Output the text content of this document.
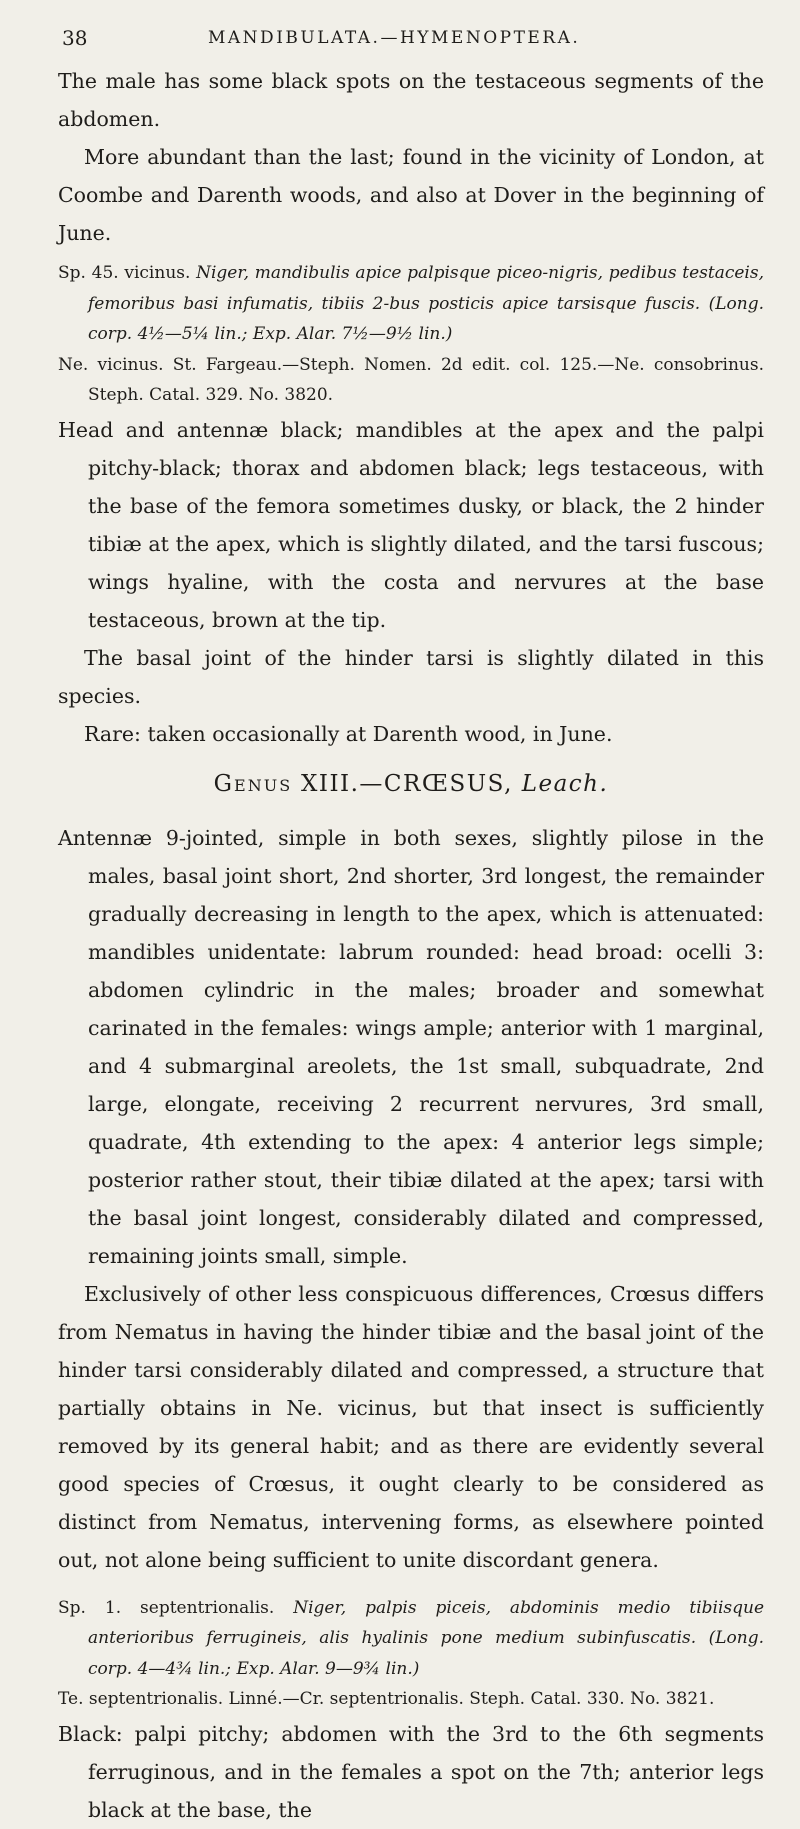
38	MANDIBULATA.—HYMENOPTERA.

The male has some black spots on the testaceous segments of the abdomen.

More abundant than the last; found in the vicinity of London, at Coombe and Darenth woods, and also at Dover in the beginning of June.

Sp. 45. vicinus. Niger, mandibulis apice palpisque piceo-nigris, pedibus testaceis, femoribus basi infumatis, tibiis 2-bus posticis apice tarsisque fuscis. (Long. corp. 4½—5¼ lin.; Exp. Alar. 7½—9½ lin.)

Ne. vicinus. St. Fargeau.—Steph. Nomen. 2d edit. col. 125.—Ne. consobrinus. Steph. Catal. 329. No. 3820.

Head and antennæ black; mandibles at the apex and the palpi pitchy-black; thorax and abdomen black; legs testaceous, with the base of the femora sometimes dusky, or black, the 2 hinder tibiæ at the apex, which is slightly dilated, and the tarsi fuscous; wings hyaline, with the costa and nervures at the base testaceous, brown at the tip.

The basal joint of the hinder tarsi is slightly dilated in this species.

Rare: taken occasionally at Darenth wood, in June.

Genus XIII.—CRŒSUS, Leach.

Antennæ 9-jointed, simple in both sexes, slightly pilose in the males, basal joint short, 2nd shorter, 3rd longest, the remainder gradually decreasing in length to the apex, which is attenuated: mandibles unidentate: labrum rounded: head broad: ocelli 3: abdomen cylindric in the males; broader and somewhat carinated in the females: wings ample; anterior with 1 marginal, and 4 submarginal areolets, the 1st small, subquadrate, 2nd large, elongate, receiving 2 recurrent nervures, 3rd small, quadrate, 4th extending to the apex: 4 anterior legs simple; posterior rather stout, their tibiæ dilated at the apex; tarsi with the basal joint longest, considerably dilated and compressed, remaining joints small, simple.

Exclusively of other less conspicuous differences, Crœsus differs from Nematus in having the hinder tibiæ and the basal joint of the hinder tarsi considerably dilated and compressed, a structure that partially obtains in Ne. vicinus, but that insect is sufficiently removed by its general habit; and as there are evidently several good species of Crœsus, it ought clearly to be considered as distinct from Nematus, intervening forms, as elsewhere pointed out, not alone being sufficient to unite discordant genera.

Sp. 1. septentrionalis. Niger, palpis piceis, abdominis medio tibiisque anterioribus ferrugineis, alis hyalinis pone medium subinfuscatis. (Long. corp. 4—4¾ lin.; Exp. Alar. 9—9¾ lin.)

Te. septentrionalis. Linné.—Cr. septentrionalis. Steph. Catal. 330. No. 3821.

Black: palpi pitchy; abdomen with the 3rd to the 6th segments ferruginous, and in the females a spot on the 7th; anterior legs black at the base, the
